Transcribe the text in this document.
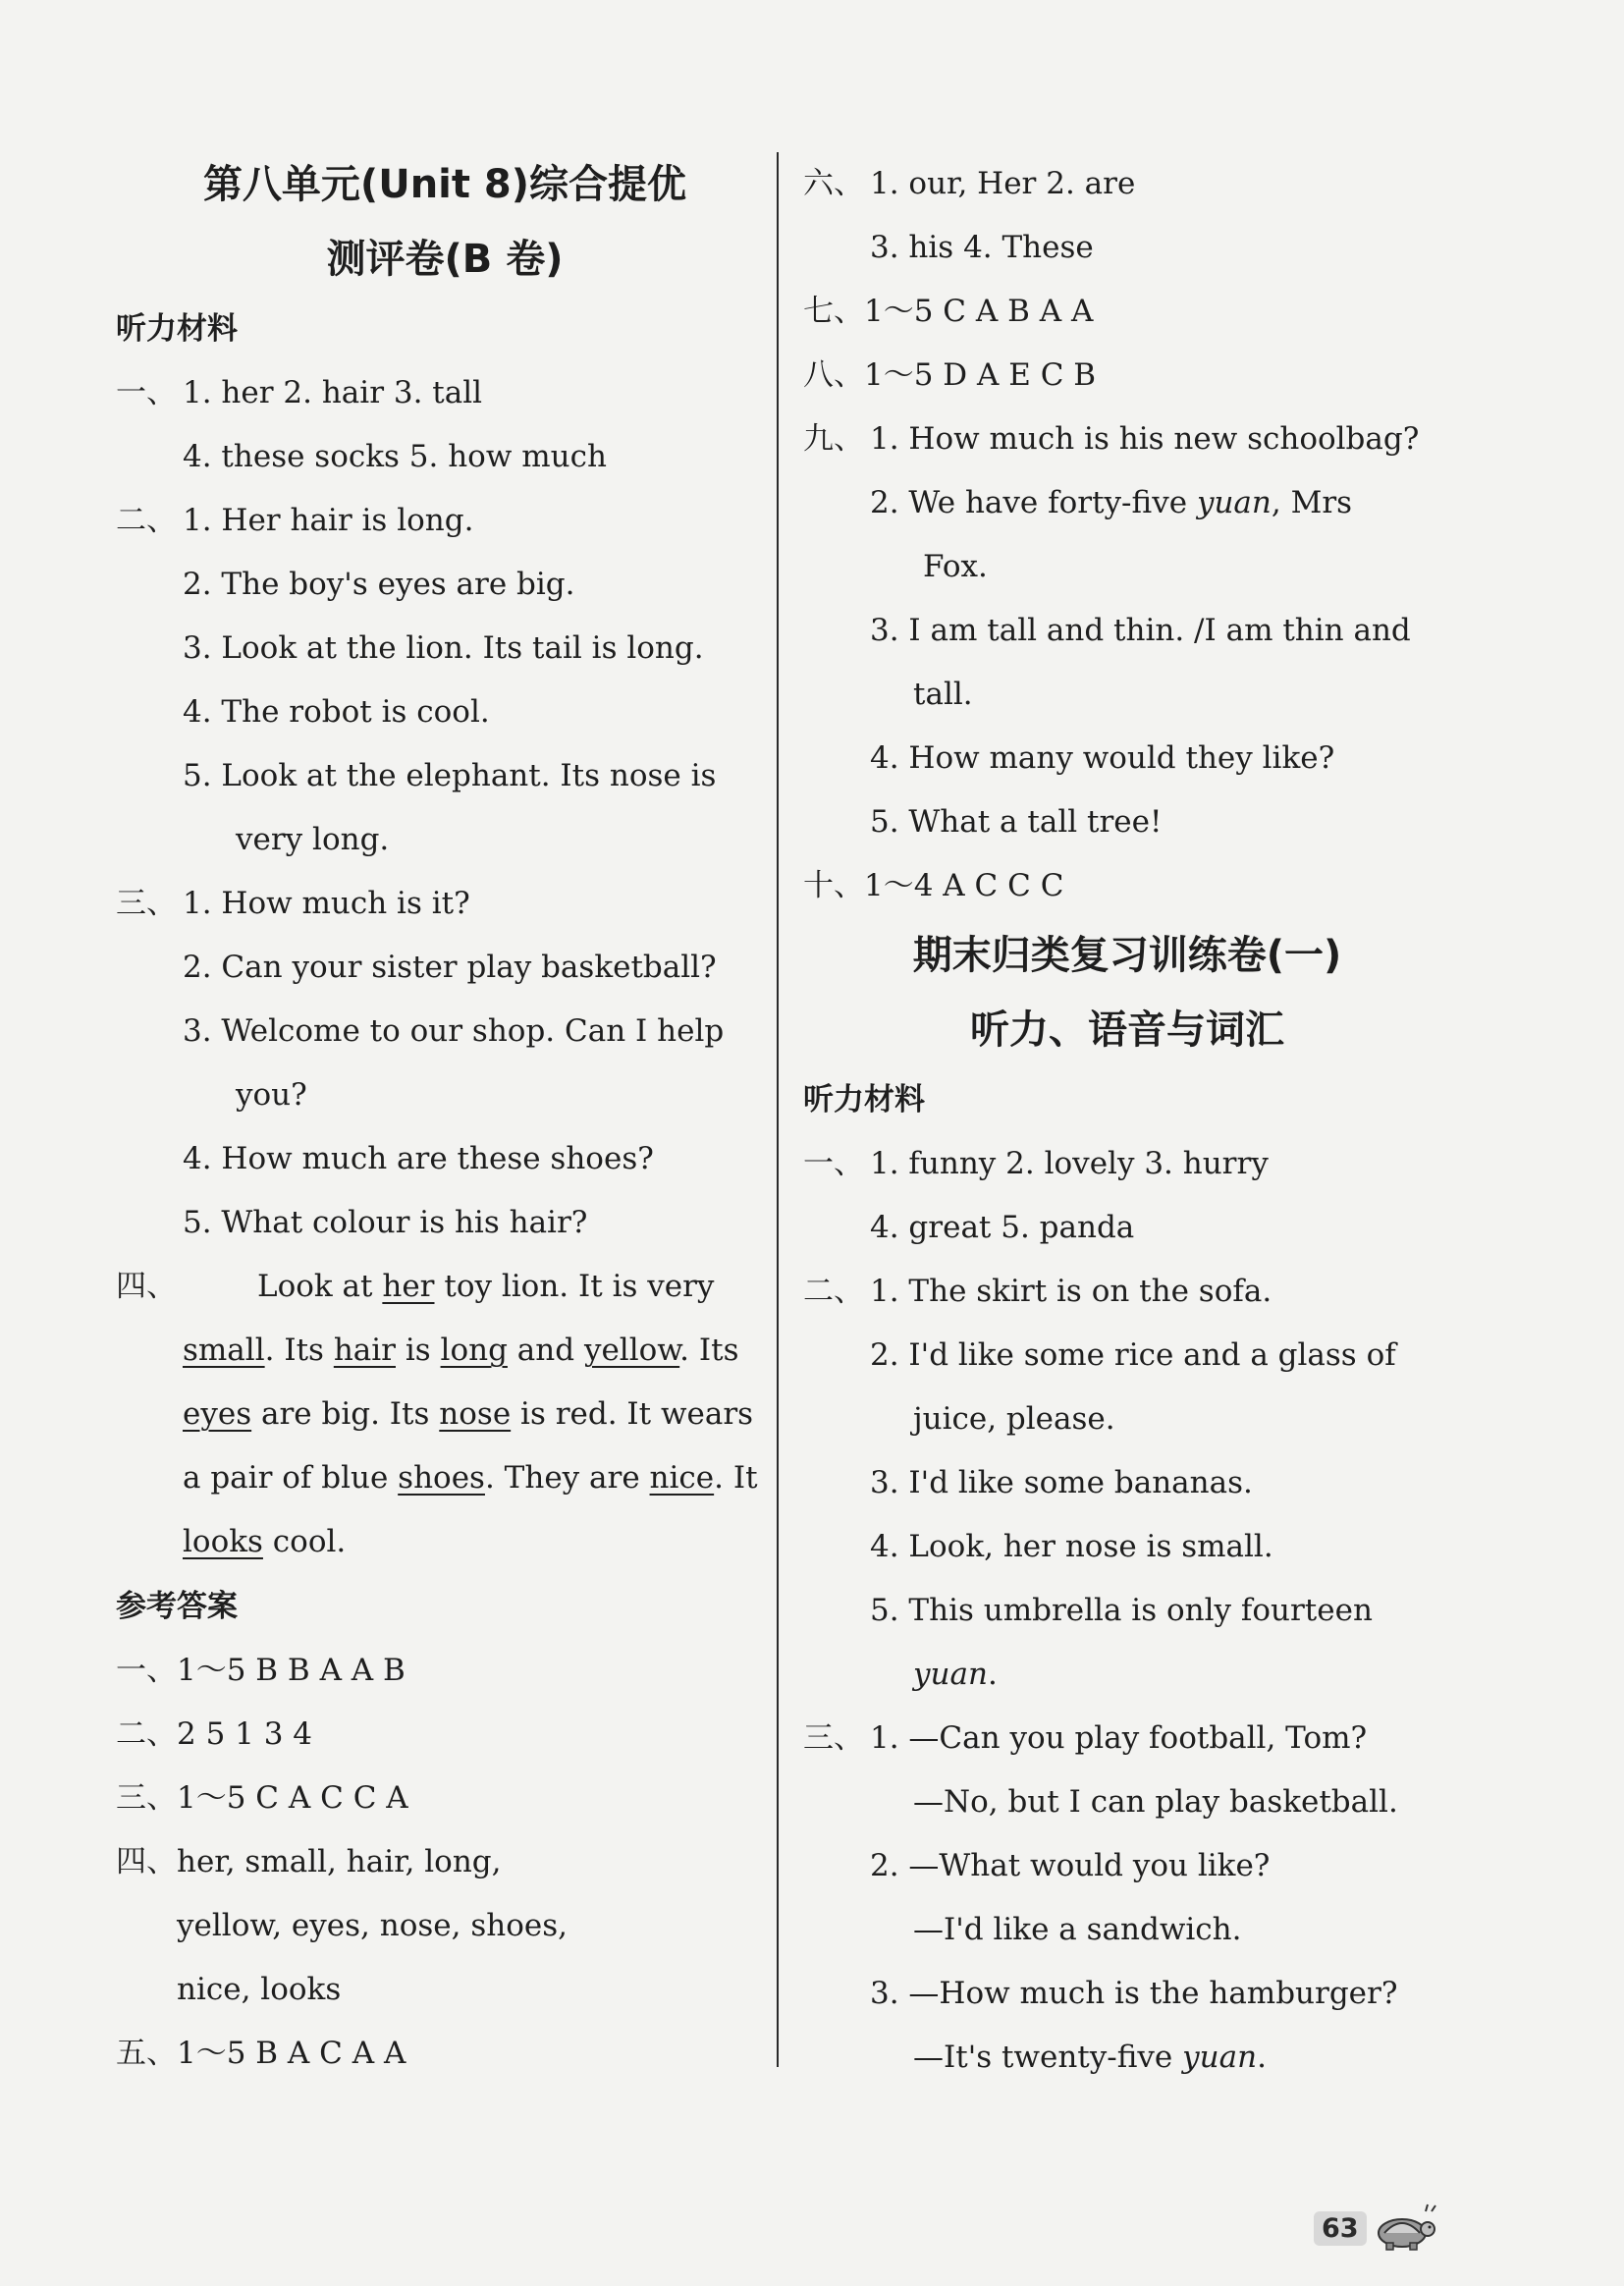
第八单元(Unit 8)综合提优
测评卷(B 卷)
听力材料
一、 1. her 2. hair 3. tall
4. these socks 5. how much
二、 1. Her hair is long.
2. The boy's eyes are big.
3. Look at the lion. Its tail is long.
4. The robot is cool.
5. Look at the elephant. Its nose is
very long.
三、 1. How much is it?
2. Can your sister play basketball?
3. Welcome to our shop. Can I help
you?
4. How much are these shoes?
5. What colour is his hair?
四、	Look at her toy lion. It is very
small. Its hair is long and yellow. Its
eyes are big. Its nose is red. It wears
a pair of blue shoes. They are nice. It
looks cool.
参考答案
一、1～5 B B A A B
二、2 5 1 3 4
三、1～5 C A C C A
四、her, small, hair, long,
yellow, eyes, nose, shoes,
nice, looks
五、1～5 B A C A A
六、 1. our, Her 2. are
3. his 4. These
七、1～5 C A B A A
八、1～5 D A E C B
九、 1. How much is his new schoolbag?
2. We have forty-five yuan, Mrs
Fox.
3. I am tall and thin. /I am thin and
tall.
4. How many would they like?
5. What a tall tree!
十、1～4 A C C C
期末归类复习训练卷(一)
听力、语音与词汇
听力材料
一、 1. funny 2. lovely 3. hurry
4. great 5. panda
二、 1. The skirt is on the sofa.
2. I'd like some rice and a glass of
juice, please.
3. I'd like some bananas.
4. Look, her nose is small.
5. This umbrella is only fourteen
yuan.
三、 1. —Can you play football, Tom?
—No, but I can play basketball.
2. —What would you like?
—I'd like a sandwich.
3. —How much is the hamburger?
—It's twenty-five yuan.
63
